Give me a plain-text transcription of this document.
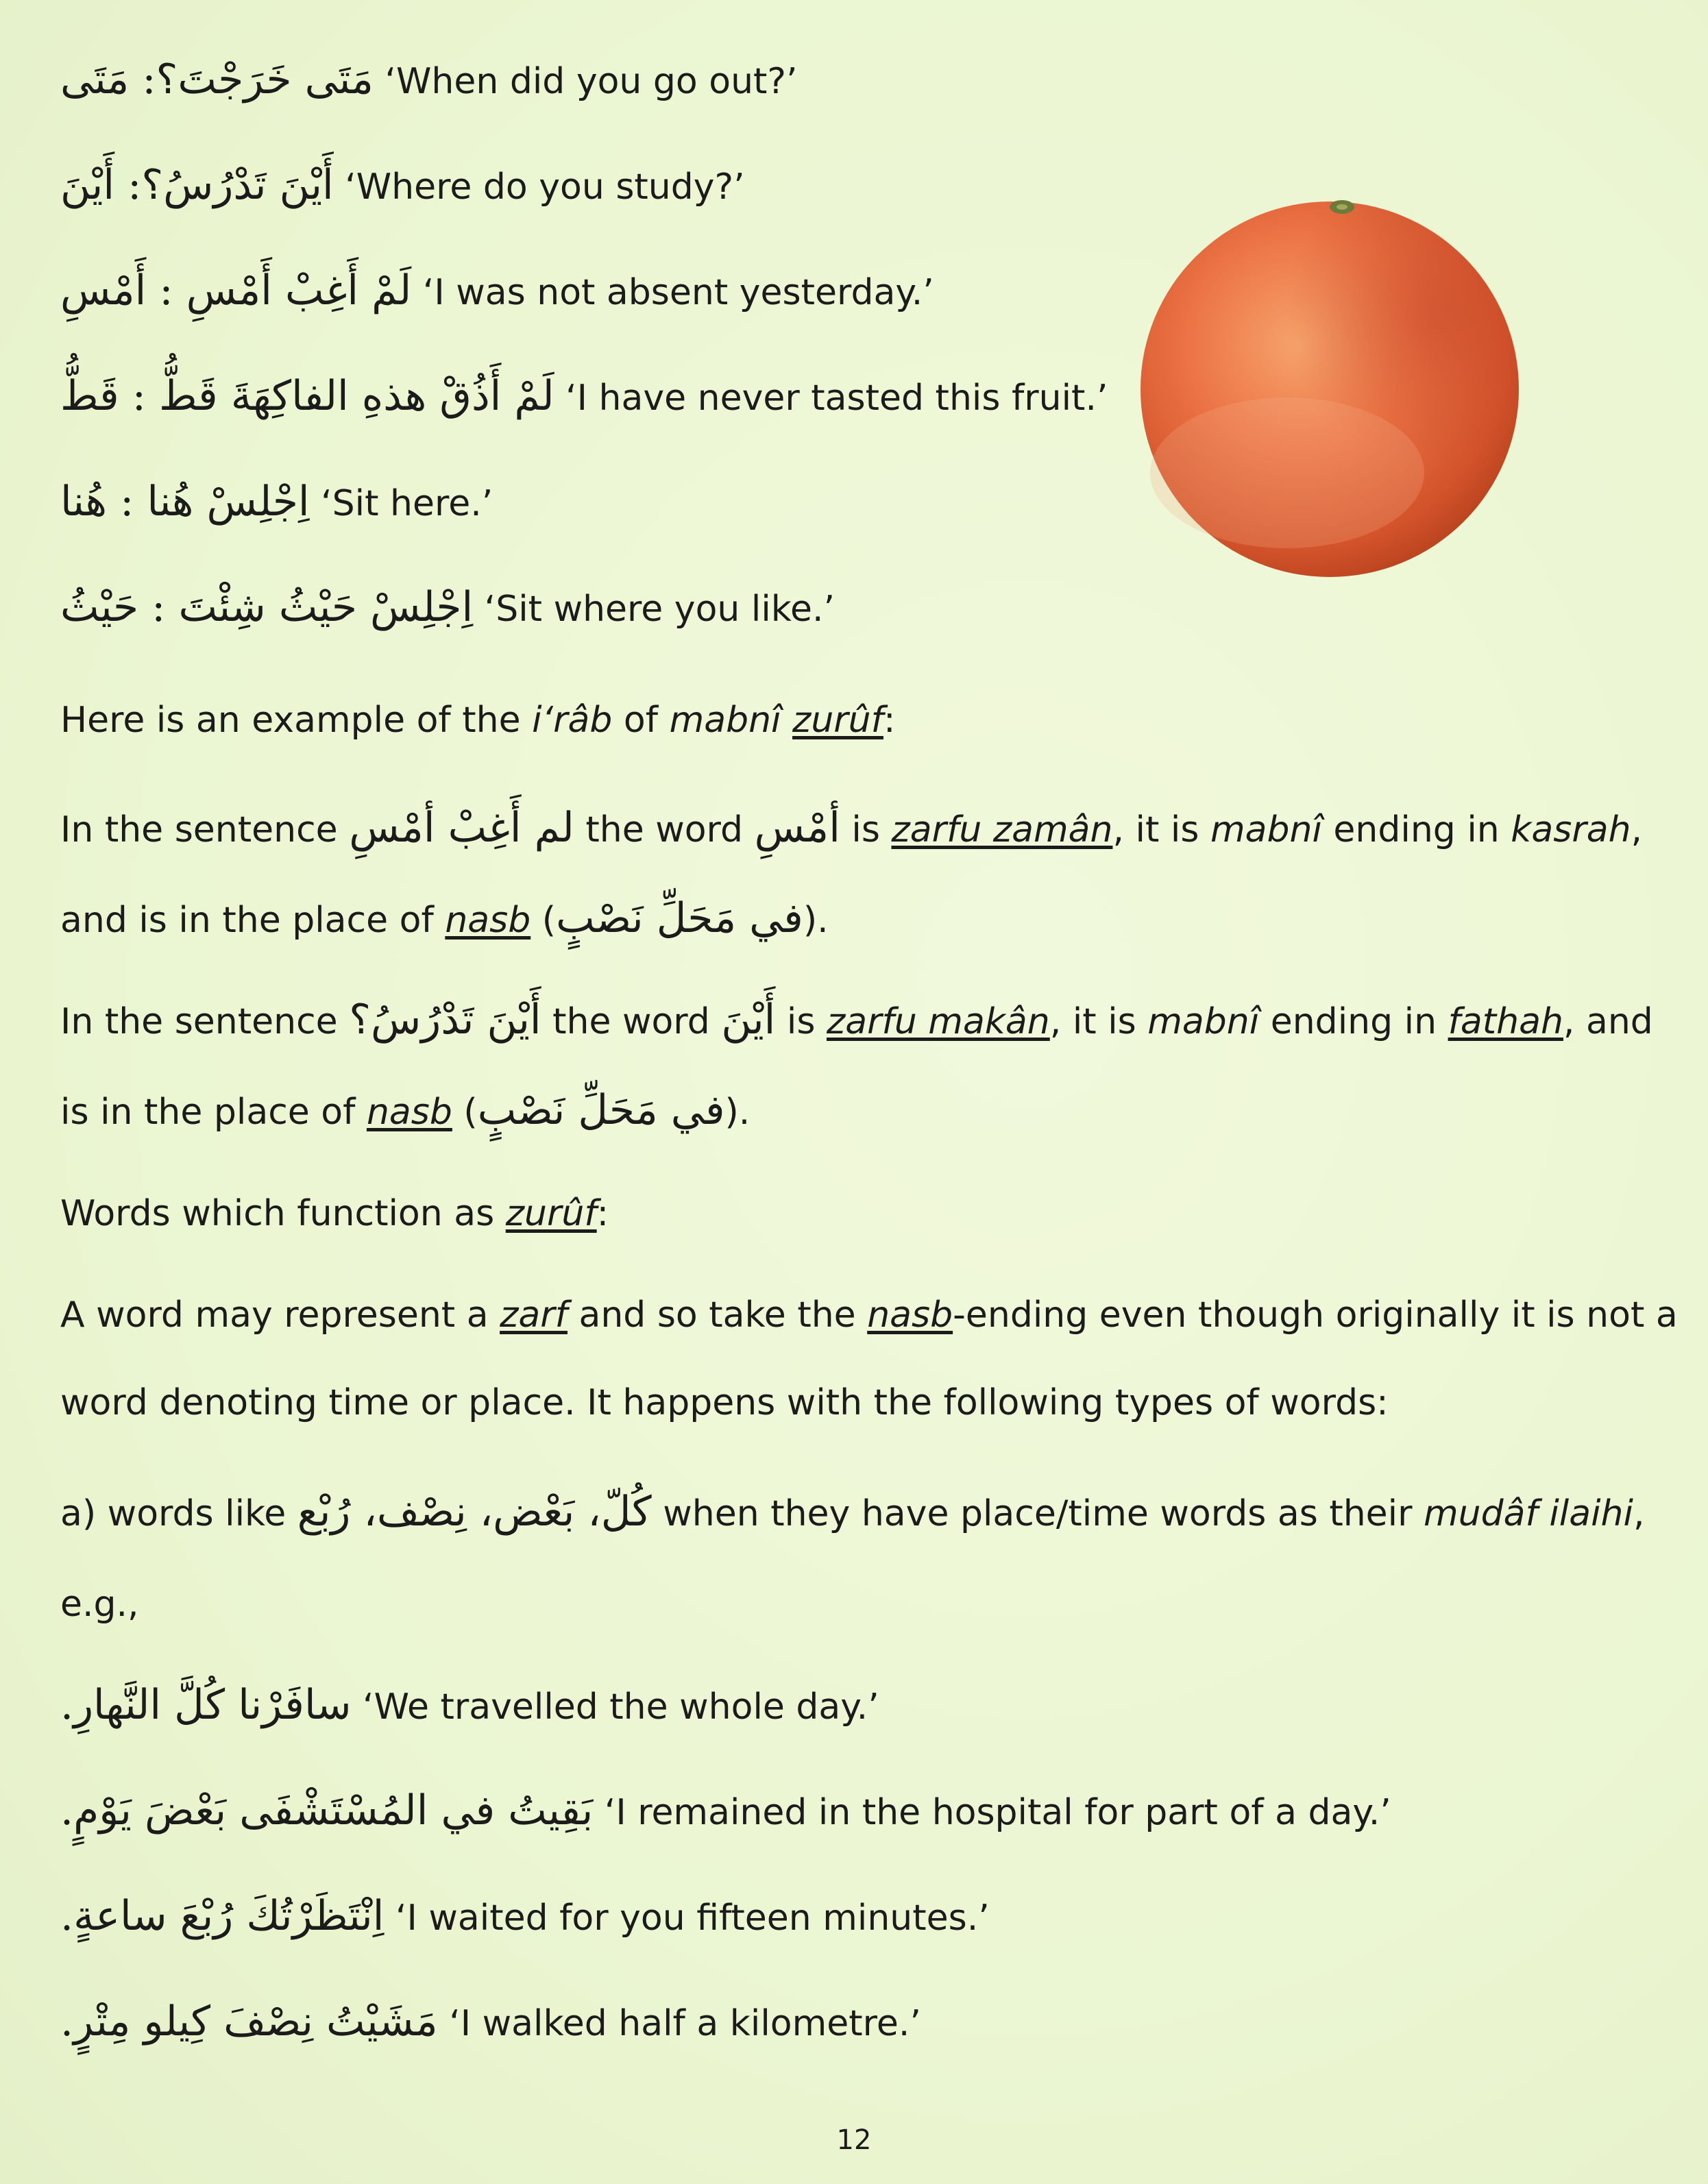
مَتَى خَرَجْتَ؟: مَتَى ‘When did you go out?’
أَيْنَ تَدْرُسُ؟: أَيْنَ ‘Where do you study?’
لَمْ أَغِبْ أَمْسِ : أَمْسِ ‘I was not absent yesterday.’
لَمْ أَذُقْ هذهِ الفاكِهَةَ قَطُّ : قَطُّ ‘I have never tasted this fruit.’
اِجْلِسْ هُنا : هُنا ‘Sit here.’
اِجْلِسْ حَيْثُ شِئْتَ : حَيْثُ ‘Sit where you like.’
Here is an example of the i‘râb of mabnî zurûf:
In the sentence لم أَغِبْ أمْسِ the word أمْسِ is zarfu zamân, it is mabnî ending in kasrah,
and is in the place of nasb (في مَحَلِّ نَصْبٍ).
In the sentence أَيْنَ تَدْرُسُ؟ the word أَيْنَ is zarfu makân, it is mabnî ending in fathah, and
is in the place of nasb (في مَحَلِّ نَصْبٍ).
Words which function as zurûf:
A word may represent a zarf and so take the nasb-ending even though originally it is not a
word denoting time or place. It happens with the following types of words:
a) words like كُلّ، بَعْض، نِصْف، رُبْع when they have place/time words as their mudâf ilaihi,
e.g.,
سافَرْنا كُلَّ النَّهارِ. ‘We travelled the whole day.’
بَقِيتُ في المُسْتَشْفَى بَعْضَ يَوْمٍ. ‘I remained in the hospital for part of a day.’
اِنْتَظَرْتُكَ رُبْعَ ساعةٍ. ‘I waited for you fifteen minutes.’
مَشَيْتُ نِصْفَ كِيلو مِتْرٍ. ‘I walked half a kilometre.’
12
